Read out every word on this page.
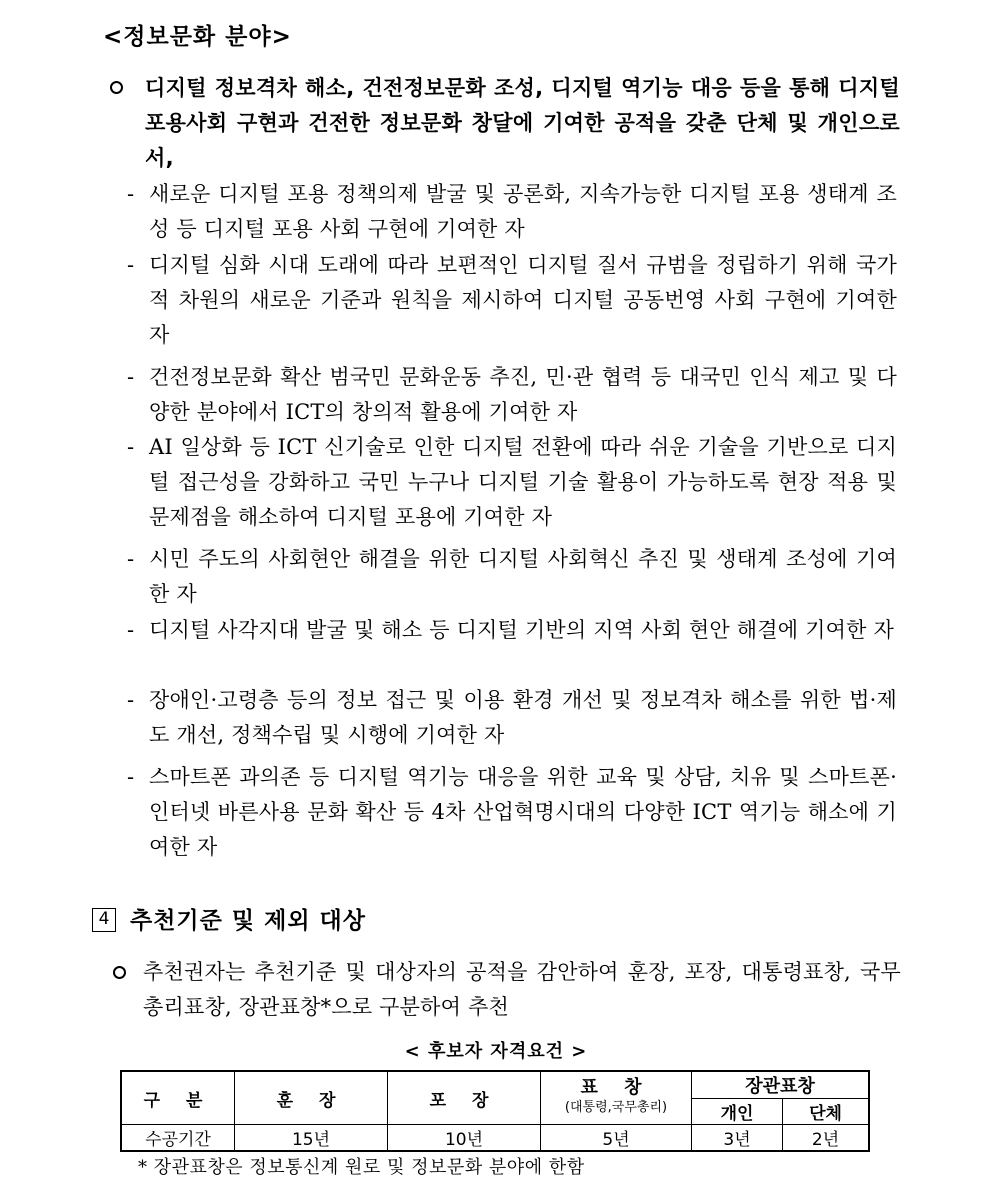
<정보문화 분야>
디지털 정보격차 해소, 건전정보문화 조성, 디지털 역기능 대응 등을 통해 디지털 포용사회 구현과 건전한 정보문화 창달에 기여한 공적을 갖춘 단체 및 개인으로서,
- 새로운 디지털 포용 정책의제 발굴 및 공론화, 지속가능한 디지털 포용 생태계 조성 등 디지털 포용 사회 구현에 기여한 자
- 디지털 심화 시대 도래에 따라 보편적인 디지털 질서 규범을 정립하기 위해 국가적 차원의 새로운 기준과 원칙을 제시하여 디지털 공동번영 사회 구현에 기여한 자
- 건전정보문화 확산 범국민 문화운동 추진, 민·관 협력 등 대국민 인식 제고 및 다양한 분야에서 ICT의 창의적 활용에 기여한 자
- AI 일상화 등 ICT 신기술로 인한 디지털 전환에 따라 쉬운 기술을 기반으로 디지털 접근성을 강화하고 국민 누구나 디지털 기술 활용이 가능하도록 현장 적용 및 문제점을 해소하여 디지털 포용에 기여한 자
- 시민 주도의 사회현안 해결을 위한 디지털 사회혁신 추진 및 생태계 조성에 기여한 자
- 디지털 사각지대 발굴 및 해소 등 디지털 기반의 지역 사회 현안 해결에 기여한 자
- 장애인·고령층 등의 정보 접근 및 이용 환경 개선 및 정보격차 해소를 위한 법·제도 개선, 정책수립 및 시행에 기여한 자
- 스마트폰 과의존 등 디지털 역기능 대응을 위한 교육 및 상담, 치유 및 스마트폰·인터넷 바른사용 문화 확산 등 4차 산업혁명시대의 다양한 ICT 역기능 해소에 기여한 자
4 추천기준 및 제외 대상
추천권자는 추천기준 및 대상자의 공적을 감안하여 훈장, 포장, 대통령표창, 국무총리표창, 장관표창*으로 구분하여 추천
< 후보자 자격요건 >
구 분	훈 장	포 장	표 창
(대통령,국무총리)	장관표창	
				개인	단체
수공기간	15년	10년	5년	3년	2년
* 장관표창은 정보통신계 원로 및 정보문화 분야에 한함
